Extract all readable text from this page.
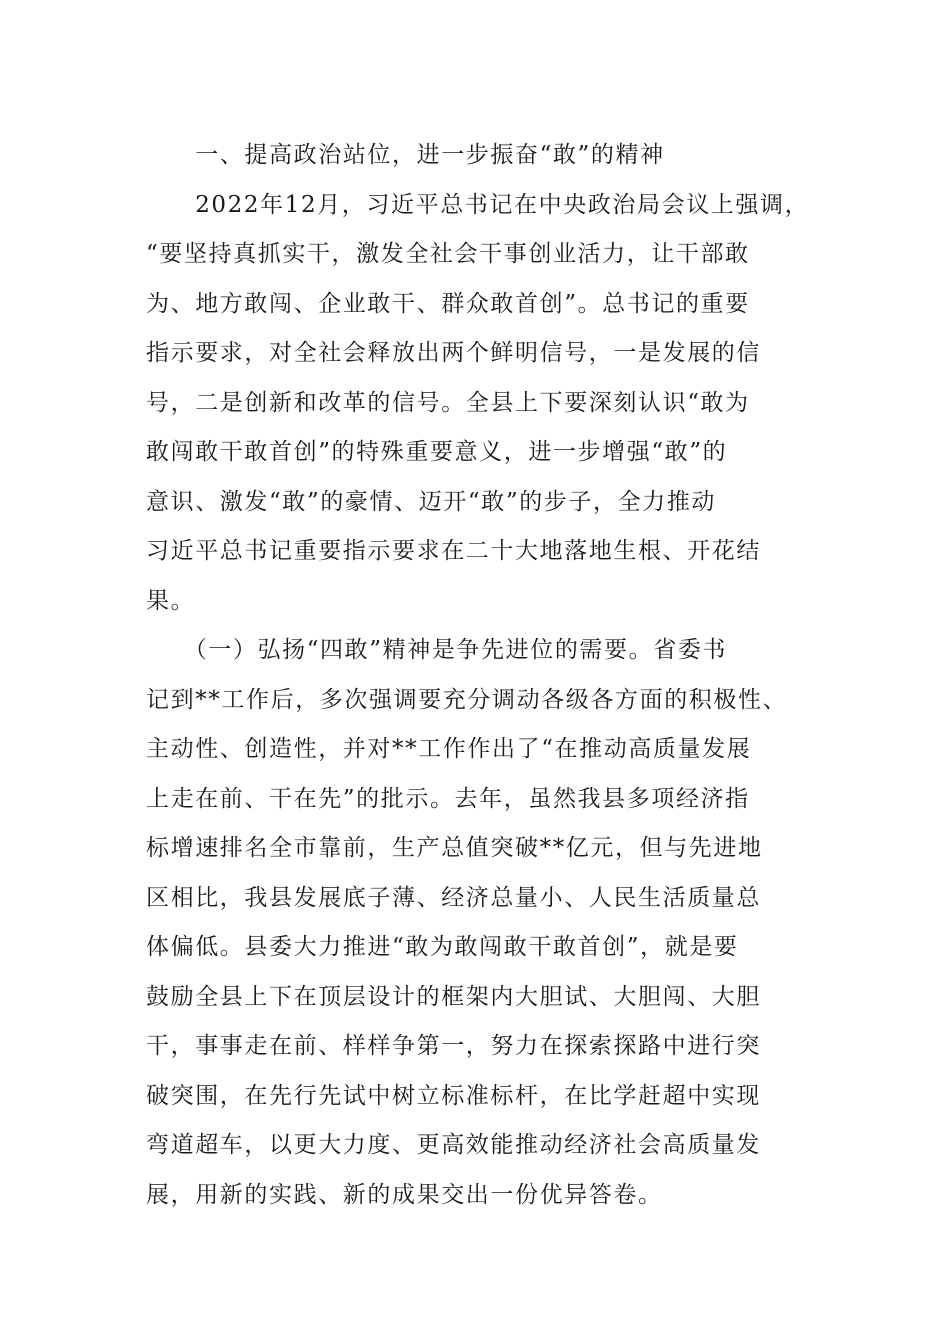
　　一、提高政治站位，进一步振奋“敢”的精神
　　2022年12月，习近平总书记在中央政治局会议上强调，
“要坚持真抓实干，激发全社会干事创业活力，让干部敢
为、地方敢闯、企业敢干、群众敢首创”。总书记的重要
指示要求，对全社会释放出两个鲜明信号，一是发展的信
号，二是创新和改革的信号。全县上下要深刻认识“敢为
敢闯敢干敢首创”的特殊重要意义，进一步增强“敢”的
意识、激发“敢”的豪情、迈开“敢”的步子，全力推动
习近平总书记重要指示要求在二十大地落地生根、开花结
果。
　　（一）弘扬“四敢”精神是争先进位的需要。省委书
记到**工作后，多次强调要充分调动各级各方面的积极性、
主动性、创造性，并对**工作作出了“在推动高质量发展
上走在前、干在先”的批示。去年，虽然我县多项经济指
标增速排名全市靠前，生产总值突破**亿元，但与先进地
区相比，我县发展底子薄、经济总量小、人民生活质量总
体偏低。县委大力推进“敢为敢闯敢干敢首创”，就是要
鼓励全县上下在顶层设计的框架内大胆试、大胆闯、大胆
干，事事走在前、样样争第一，努力在探索探路中进行突
破突围，在先行先试中树立标准标杆，在比学赶超中实现
弯道超车，以更大力度、更高效能推动经济社会高质量发
展，用新的实践、新的成果交出一份优异答卷。
